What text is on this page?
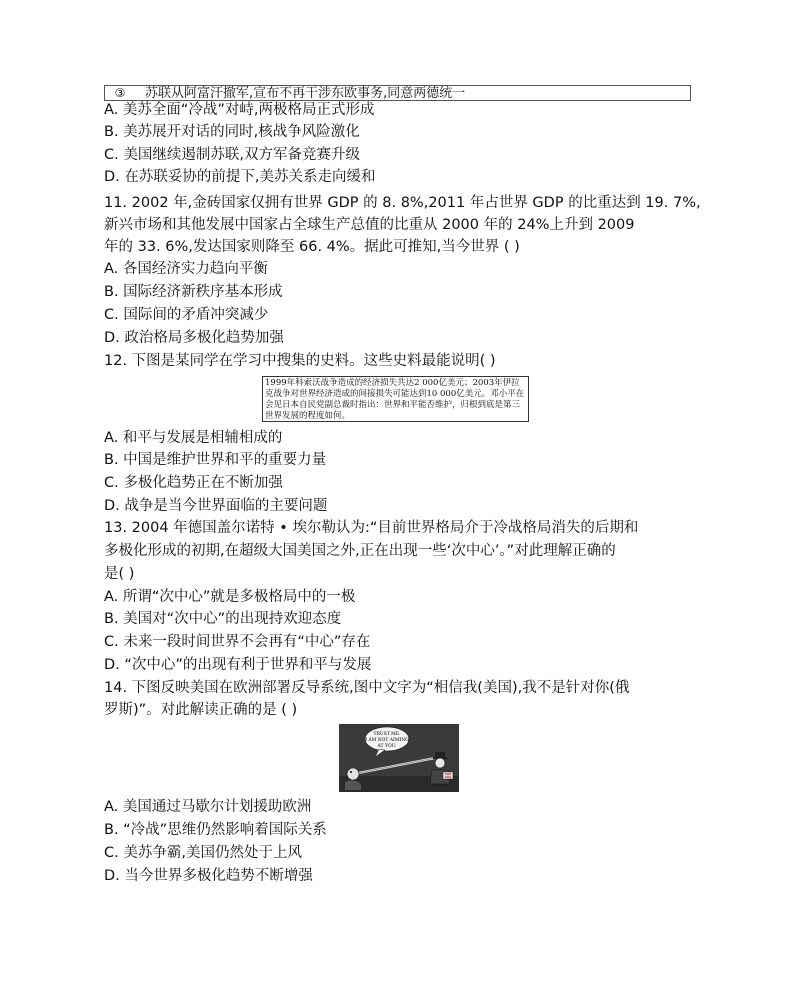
③ 苏联从阿富汗撤军,宣布不再干涉东欧事务,同意两德统一
A. 美苏全面“冷战”对峙,两极格局正式形成
B. 美苏展开对话的同时,核战争风险激化
C. 美国继续遏制苏联,双方军备竞赛升级
D. 在苏联妥协的前提下,美苏关系走向缓和
11. 2002 年,金砖国家仅拥有世界 GDP 的 8. 8%,2011 年占世界 GDP 的比重达到 19. 7%,
新兴市场和其他发展中国家占全球生产总值的比重从 2000 年的 24%上升到 2009
年的 33. 6%,发达国家则降至 66. 4%。据此可推知,当今世界 ( )
A. 各国经济实力趋向平衡
B. 国际经济新秩序基本形成
C. 国际间的矛盾冲突减少
D. 政治格局多极化趋势加强
12. 下图是某同学在学习中搜集的史料。这些史料最能说明( )
1999年科索沃战争造成的经济损失共达2 000亿美元；2003年伊拉克战争对世界经济造成的间接损失可能达到10 000亿美元。邓小平在会见日本自民党副总裁时指出：世界和平能否维护，归根到底是第三世界发展的程度如何。
A. 和平与发展是相辅相成的
B. 中国是维护世界和平的重要力量
C. 多极化趋势正在不断加强
D. 战争是当今世界面临的主要问题
13. 2004 年德国盖尔诺特 • 埃尔勒认为:“目前世界格局介于冷战格局消失的后期和
多极化形成的初期,在超级大国美国之外,正在出现一些‘次中心’。”对此理解正确的
是( )
A. 所谓“次中心”就是多极格局中的一极
B. 美国对“次中心”的出现持欢迎态度
C. 未来一段时间世界不会再有“中心”存在
D. “次中心”的出现有利于世界和平与发展
14. 下图反映美国在欧洲部署反导系统,图中文字为“相信我(美国),我不是针对你(俄
罗斯)”。对此解读正确的是 ( )
TRUST ME.
I AM NOT AIMING
AT YOU.
A. 美国通过马歇尔计划援助欧洲
B. “冷战”思维仍然影响着国际关系
C. 美苏争霸,美国仍然处于上风
D. 当今世界多极化趋势不断增强
